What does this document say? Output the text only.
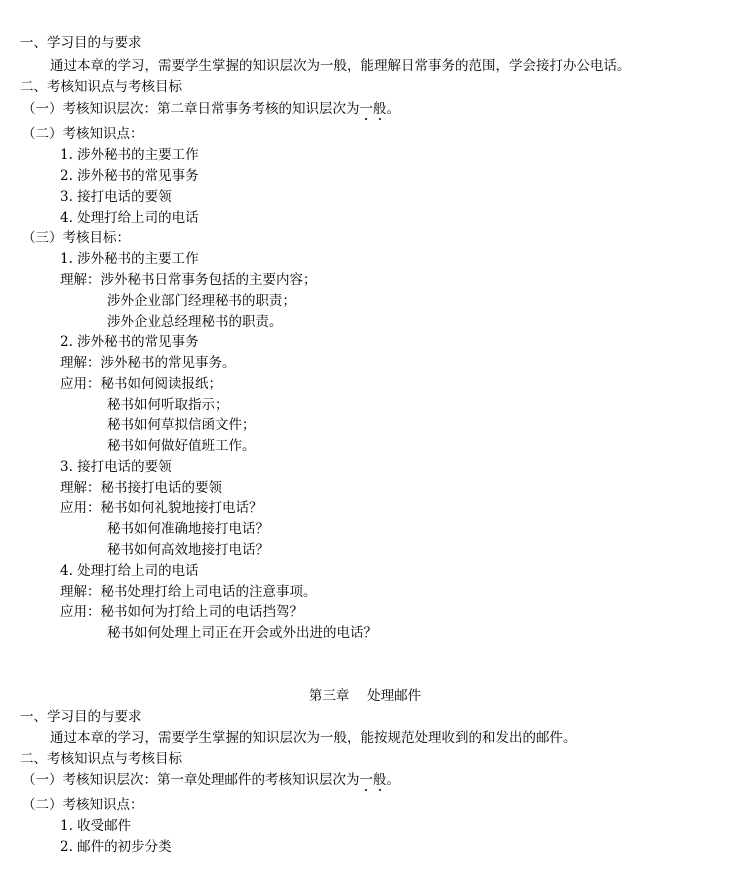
一、学习目的与要求
通过本章的学习，需要学生掌握的知识层次为一般，能理解日常事务的范围，学会接打办公电话。
二、考核知识点与考核目标
（一）考核知识层次：第二章日常事务考核的知识层次为一般。
（二）考核知识点：
1. 涉外秘书的主要工作
2. 涉外秘书的常见事务
3. 接打电话的要领
4. 处理打给上司的电话
（三）考核目标：
1. 涉外秘书的主要工作
理解：涉外秘书日常事务包括的主要内容；
涉外企业部门经理秘书的职责；
涉外企业总经理秘书的职责。
2. 涉外秘书的常见事务
理解：涉外秘书的常见事务。
应用：秘书如何阅读报纸；
秘书如何听取指示；
秘书如何草拟信函文件；
秘书如何做好值班工作。
3. 接打电话的要领
理解：秘书接打电话的要领
应用：秘书如何礼貌地接打电话？
秘书如何准确地接打电话？
秘书如何高效地接打电话？
4. 处理打给上司的电话
理解：秘书处理打给上司电话的注意事项。
应用：秘书如何为打给上司的电话挡驾？
秘书如何处理上司正在开会或外出进的电话？
第三章　 处理邮件
一、学习目的与要求
通过本章的学习，需要学生掌握的知识层次为一般，能按规范处理收到的和发出的邮件。
二、考核知识点与考核目标
（一）考核知识层次：第一章处理邮件的考核知识层次为一般。
（二）考核知识点：
1. 收受邮件
2. 邮件的初步分类
